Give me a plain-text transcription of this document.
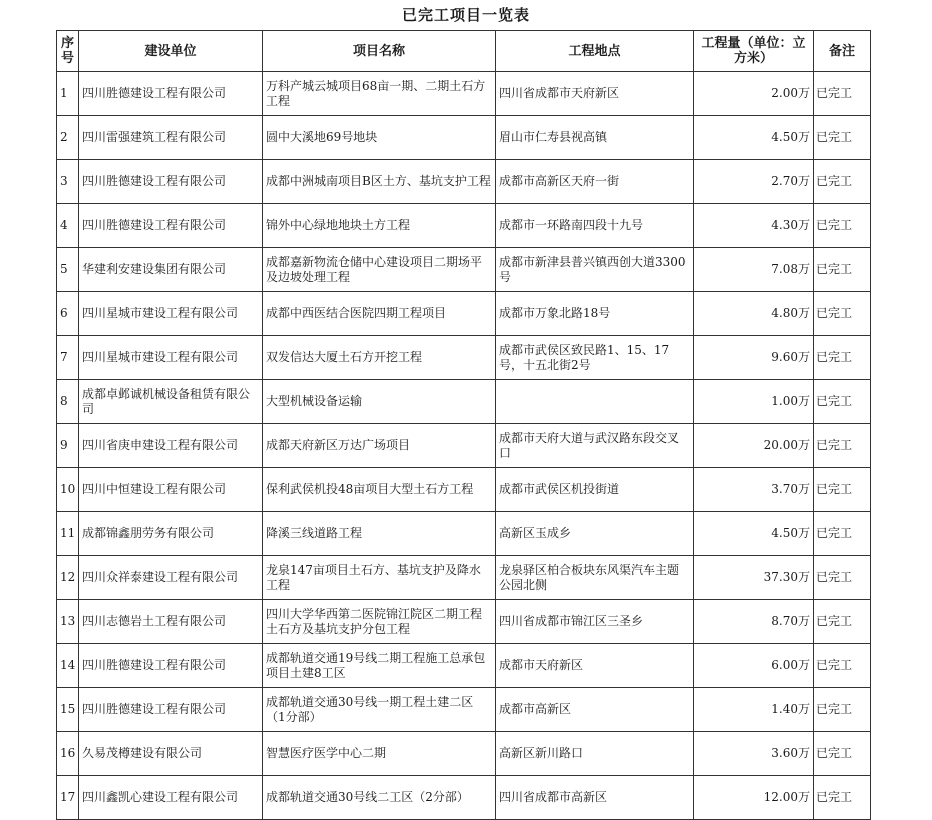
已完工项目一览表
序号	建设单位	项目名称	工程地点	工程量（单位：立方米）	备注
1	四川胜德建设工程有限公司	万科产城云城项目68亩一期、二期土石方工程	四川省成都市天府新区	2.00万	已完工
2	四川雷强建筑工程有限公司	圆中大溪地69号地块	眉山市仁寿县视高镇	4.50万	已完工
3	四川胜德建设工程有限公司	成都中洲城南项目B区土方、基坑支护工程	成都市高新区天府一街	2.70万	已完工
4	四川胜德建设工程有限公司	锦外中心绿地地块土方工程	成都市一环路南四段十九号	4.30万	已完工
5	华建利安建设集团有限公司	成都嘉新物流仓储中心建设项目二期场平及边坡处理工程	成都市新津县普兴镇西创大道3300号	7.08万	已完工
6	四川星城市建设工程有限公司	成都中西医结合医院四期工程项目	成都市万象北路18号	4.80万	已完工
7	四川星城市建设工程有限公司	双发信达大厦土石方开挖工程	成都市武侯区致民路1、15、17号，十五北街2号	9.60万	已完工
8	成都卓邺诚机械设备租赁有限公司	大型机械设备运输		1.00万	已完工
9	四川省庚申建设工程有限公司	成都天府新区万达广场项目	成都市天府大道与武汉路东段交叉口	20.00万	已完工
10	四川中恒建设工程有限公司	保利武侯机投48亩项目大型土石方工程	成都市武侯区机投街道	3.70万	已完工
11	成都锦鑫朋劳务有限公司	降溪三线道路工程	高新区玉成乡	4.50万	已完工
12	四川众祥泰建设工程有限公司	龙泉147亩项目土石方、基坑支护及降水工程	龙泉驿区柏合板块东风渠汽车主题公园北侧	37.30万	已完工
13	四川志德岩土工程有限公司	四川大学华西第二医院锦江院区二期工程土石方及基坑支护分包工程	四川省成都市锦江区三圣乡	8.70万	已完工
14	四川胜德建设工程有限公司	成都轨道交通19号线二期工程施工总承包项目土建8工区	成都市天府新区	6.00万	已完工
15	四川胜德建设工程有限公司	成都轨道交通30号线一期工程土建二区（1分部）	成都市高新区	1.40万	已完工
16	久易茂樽建设有限公司	智慧医疗医学中心二期	高新区新川路口	3.60万	已完工
17	四川鑫凯心建设工程有限公司	成都轨道交通30号线二工区（2分部）	四川省成都市高新区	12.00万	已完工
